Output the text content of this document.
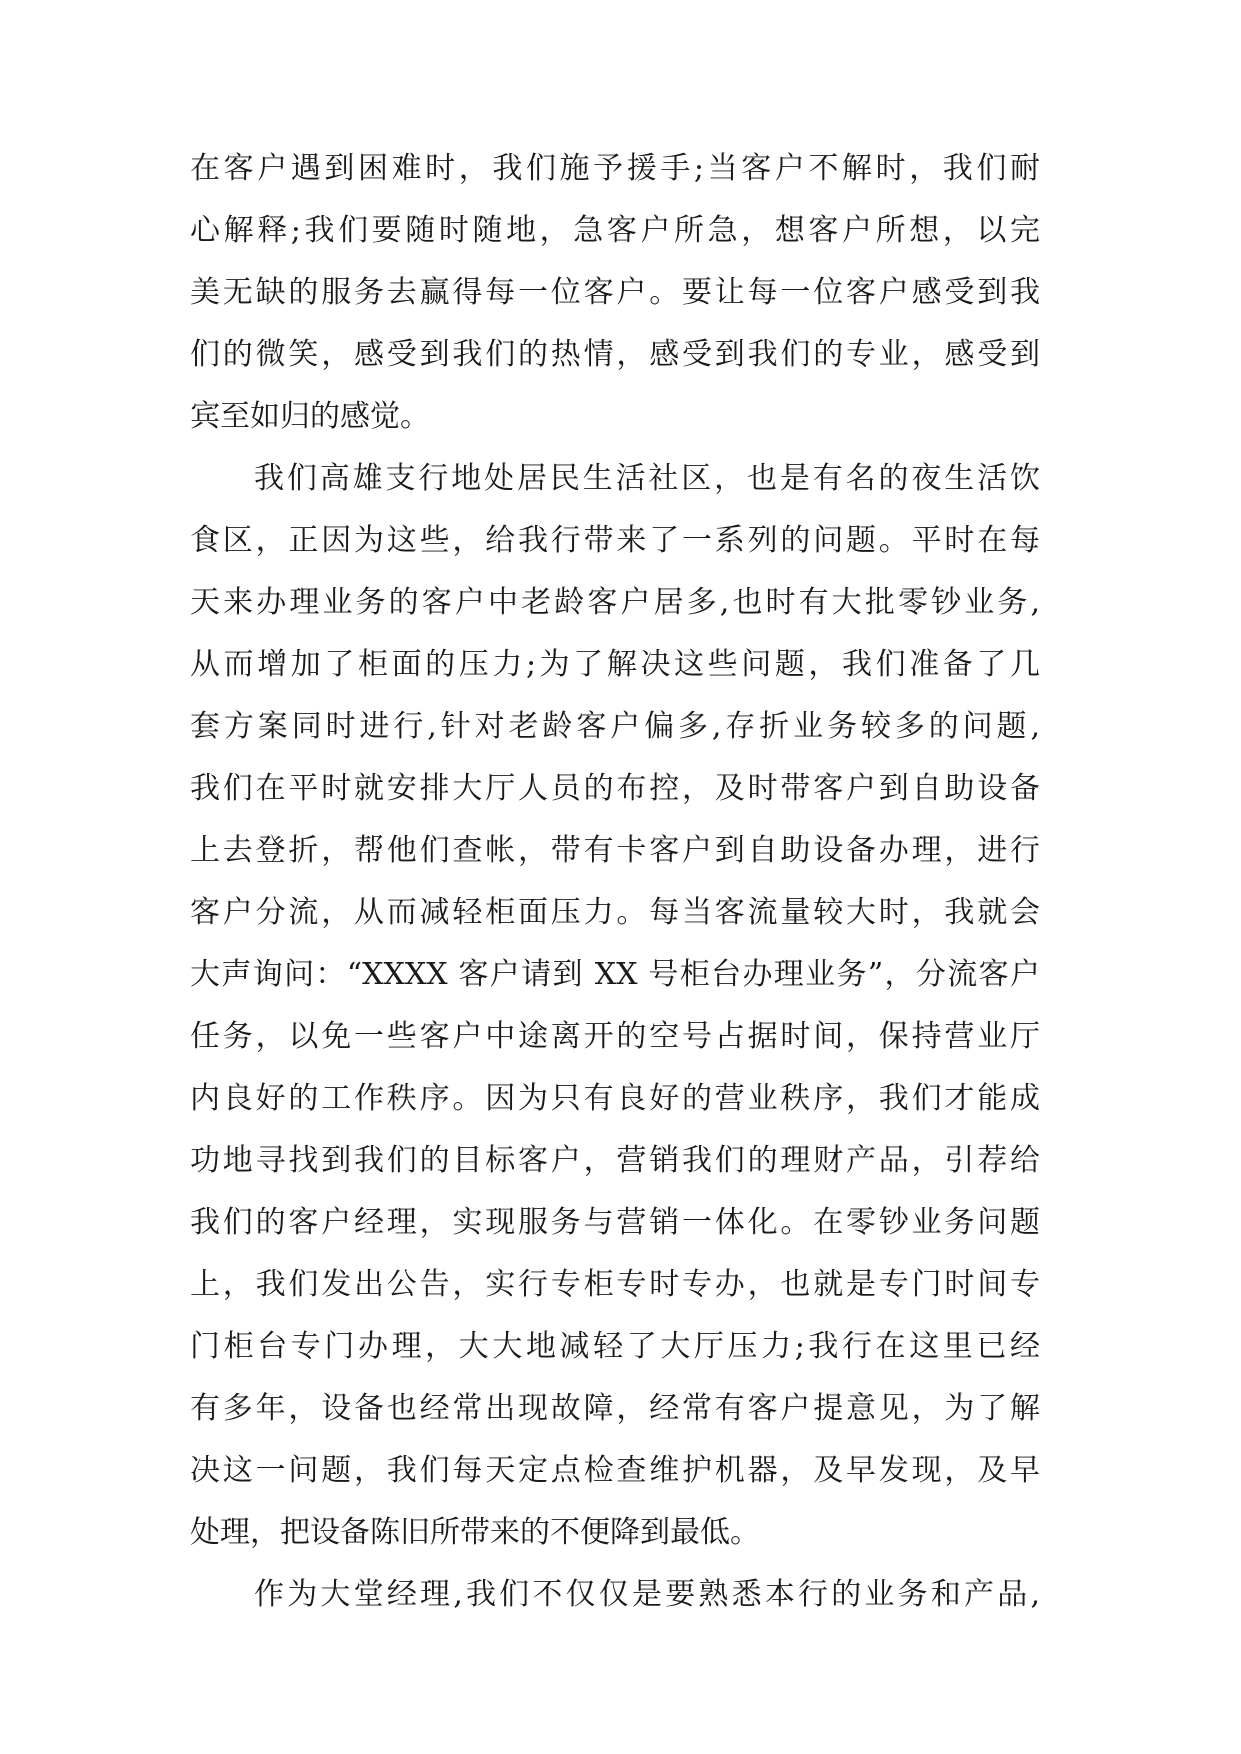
在客户遇到困难时，我们施予援手;当客户不解时，我们耐
心解释;我们要随时随地，急客户所急，想客户所想，以完
美无缺的服务去赢得每一位客户。要让每一位客户感受到我
们的微笑，感受到我们的热情，感受到我们的专业，感受到
宾至如归的感觉。
我们高雄支行地处居民生活社区，也是有名的夜生活饮
食区，正因为这些，给我行带来了一系列的问题。平时在每
天来办理业务的客户中老龄客户居多,也时有大批零钞业务,
从而增加了柜面的压力;为了解决这些问题，我们准备了几
套方案同时进行,针对老龄客户偏多,存折业务较多的问题,
我们在平时就安排大厅人员的布控，及时带客户到自助设备
上去登折，帮他们查帐，带有卡客户到自助设备办理，进行
客户分流，从而减轻柜面压力。每当客流量较大时，我就会
大声询问：“XXXX 客户请到 XX 号柜台办理业务”，分流客户
任务，以免一些客户中途离开的空号占据时间，保持营业厅
内良好的工作秩序。因为只有良好的营业秩序，我们才能成
功地寻找到我们的目标客户，营销我们的理财产品，引荐给
我们的客户经理，实现服务与营销一体化。在零钞业务问题
上，我们发出公告，实行专柜专时专办，也就是专门时间专
门柜台专门办理，大大地减轻了大厅压力;我行在这里已经
有多年，设备也经常出现故障，经常有客户提意见，为了解
决这一问题，我们每天定点检查维护机器，及早发现，及早
处理，把设备陈旧所带来的不便降到最低。
作为大堂经理,我们不仅仅是要熟悉本行的业务和产品,
